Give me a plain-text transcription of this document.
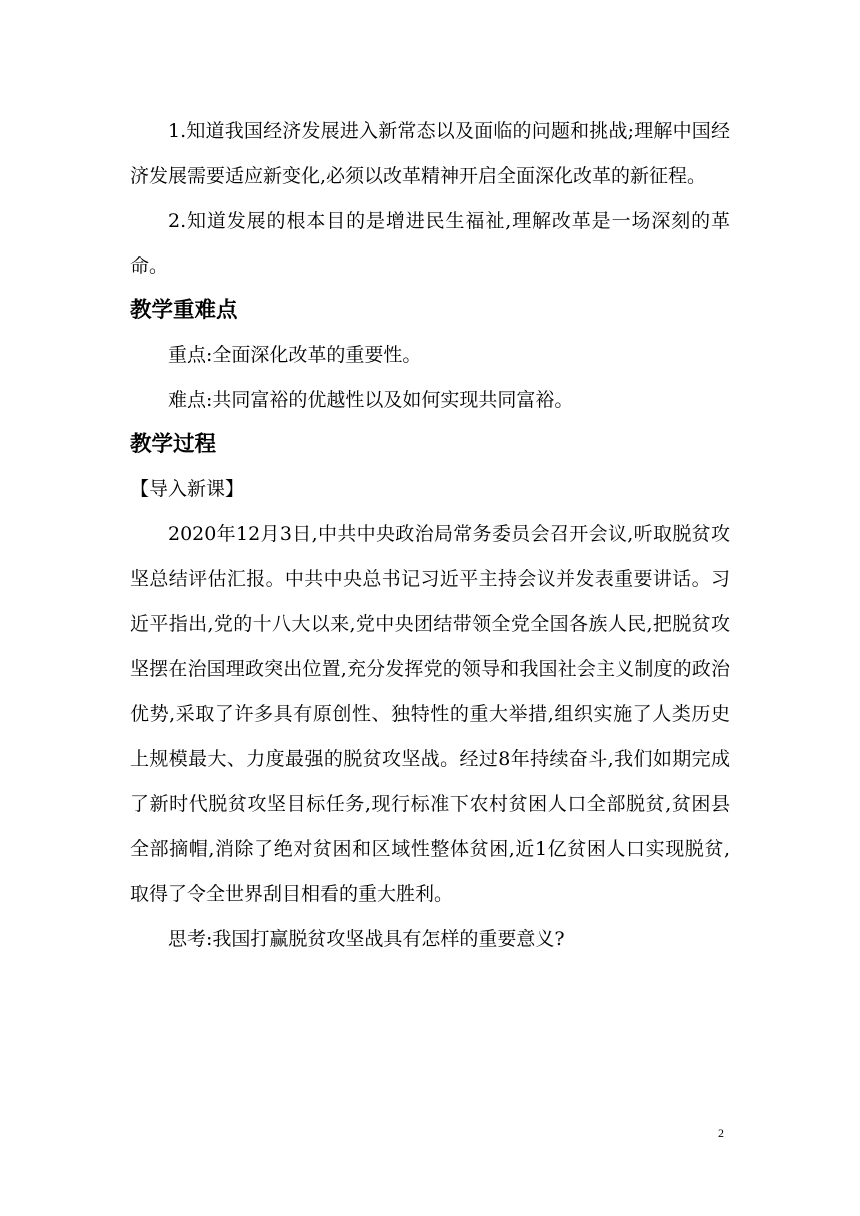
1.知道我国经济发展进入新常态以及面临的问题和挑战;理解中国经济发展需要适应新变化,必须以改革精神开启全面深化改革的新征程。

2.知道发展的根本目的是增进民生福祉,理解改革是一场深刻的革命。

教学重难点

重点:全面深化改革的重要性。

难点:共同富裕的优越性以及如何实现共同富裕。

教学过程

【导入新课】

2020年12月3日,中共中央政治局常务委员会召开会议,听取脱贫攻坚总结评估汇报。中共中央总书记习近平主持会议并发表重要讲话。习近平指出,党的十八大以来,党中央团结带领全党全国各族人民,把脱贫攻坚摆在治国理政突出位置,充分发挥党的领导和我国社会主义制度的政治优势,采取了许多具有原创性、独特性的重大举措,组织实施了人类历史上规模最大、力度最强的脱贫攻坚战。经过8年持续奋斗,我们如期完成了新时代脱贫攻坚目标任务,现行标准下农村贫困人口全部脱贫,贫困县全部摘帽,消除了绝对贫困和区域性整体贫困,近1亿贫困人口实现脱贫,取得了令全世界刮目相看的重大胜利。

思考:我国打赢脱贫攻坚战具有怎样的重要意义?

2
